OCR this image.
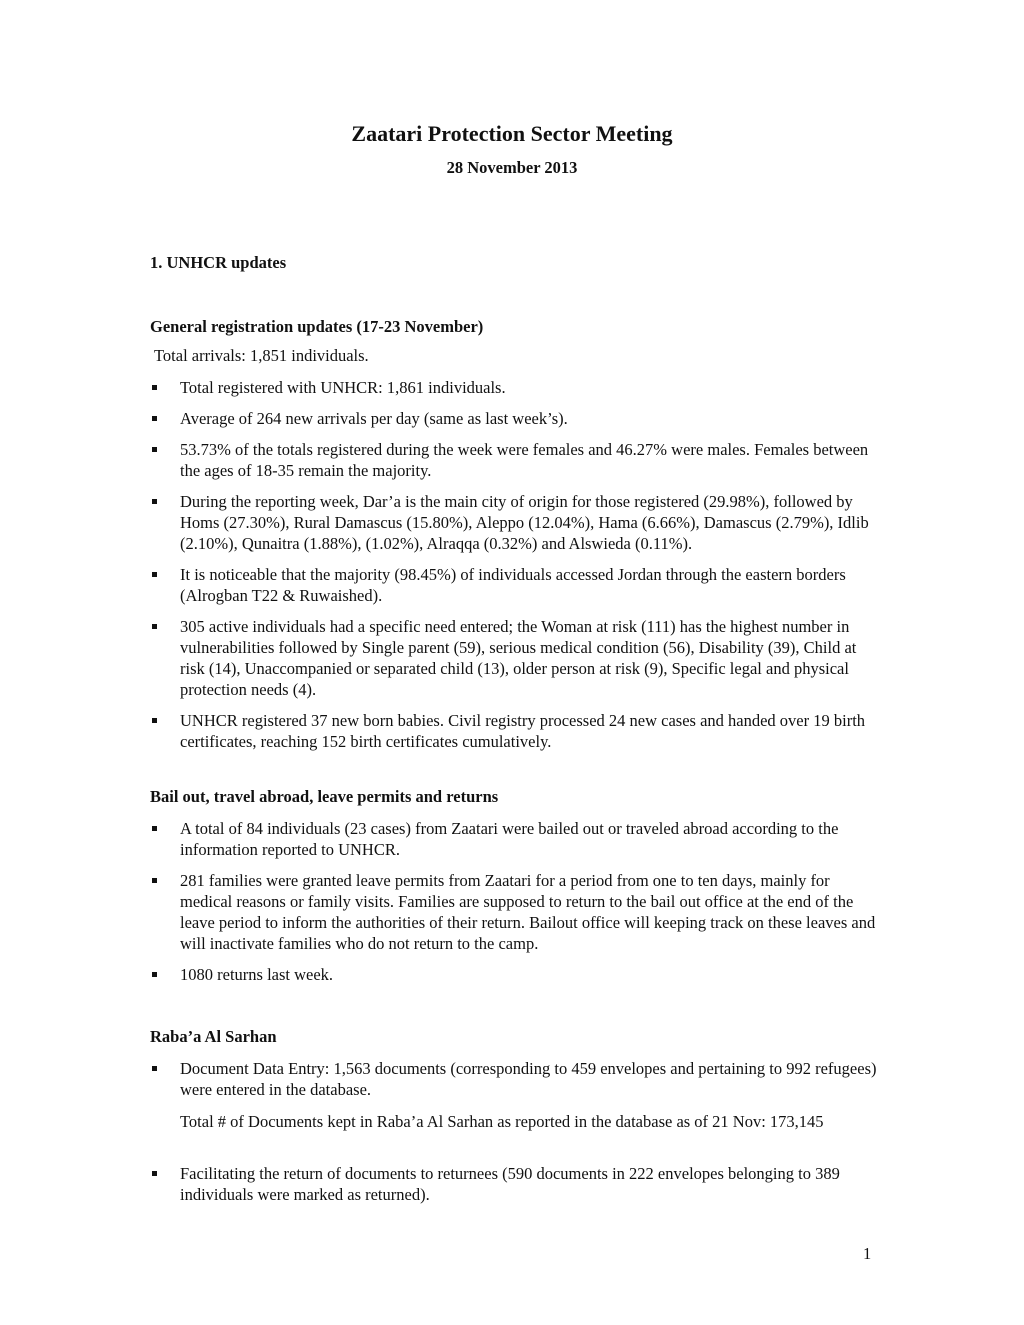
Zaatari Protection Sector Meeting
28 November 2013
1. UNHCR updates
General registration updates (17-23 November)

Total arrivals: 1,851 individuals.

Total registered with UNHCR: 1,861 individuals.
Average of 264 new arrivals per day (same as last week’s).
53.73% of the totals registered during the week were females and 46.27% were males. Females between the ages of 18-35 remain the majority.
During the reporting week, Dar’a is the main city of origin for those registered (29.98%), followed by Homs (27.30%), Rural Damascus (15.80%), Aleppo (12.04%), Hama (6.66%), Damascus (2.79%), Idlib (2.10%), Qunaitra (1.88%), (1.02%), Alraqqa (0.32%) and Alswieda (0.11%).
It is noticeable that the majority (98.45%) of individuals accessed Jordan through the eastern borders (Alrogban T22 & Ruwaished).
305 active individuals had a specific need entered; the Woman at risk (111) has the highest number in vulnerabilities followed by Single parent (59), serious medical condition (56), Disability (39), Child at risk (14), Unaccompanied or separated child (13), older person at risk (9), Specific legal and physical protection needs (4).
UNHCR registered 37 new born babies. Civil registry processed 24 new cases and handed over 19 birth certificates, reaching 152 birth certificates cumulatively.
Bail out, travel abroad, leave permits and returns
A total of 84 individuals (23 cases) from Zaatari were bailed out or traveled abroad according to the information reported to UNHCR.
281 families were granted leave permits from Zaatari for a period from one to ten days, mainly for medical reasons or family visits. Families are supposed to return to the bail out office at the end of the leave period to inform the authorities of their return. Bailout office will keeping track on these leaves and will inactivate families who do not return to the camp.
1080 returns last week.
Raba’a Al Sarhan
Document Data Entry: 1,563 documents (corresponding to 459 envelopes and pertaining to 992 refugees) were entered in the database.

Total # of Documents kept in Raba’a Al Sarhan as reported in the database as of 21 Nov: 173,145

Facilitating the return of documents to returnees (590 documents in 222 envelopes belonging to 389 individuals were marked as returned).
1
